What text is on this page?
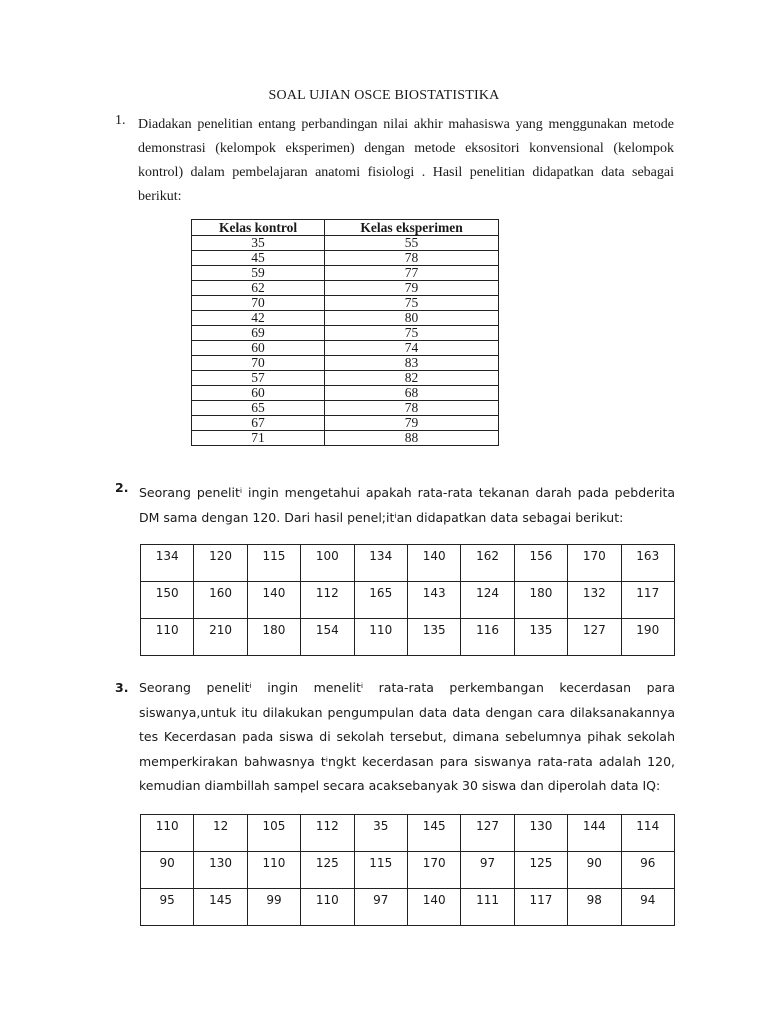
SOAL UJIAN OSCE BIOSTATISTIKA
1. Diadakan penelitian entang perbandingan nilai akhir mahasiswa yang menggunakan metode demonstrasi (kelompok eksperimen) dengan metode eksositori konvensional (kelompok kontrol) dalam pembelajaran anatomi fisiologi . Hasil penelitian didapatkan data sebagai berikut:
Kelas kontrol	Kelas eksperimen
35	55
45	78
59	77
62	79
70	75
42	80
69	75
60	74
70	83
57	82
60	68
65	78
67	79
71	88
2. Seorang penelitⁱ ingin mengetahui apakah rata-rata tekanan darah pada pebderita DM sama dengan 120. Dari hasil penel;itⁱan didapatkan data sebagai berikut:
134	120	115	100	134	140	162	156	170	163
150	160	140	112	165	143	124	180	132	117
110	210	180	154	110	135	116	135	127	190
3. Seorang penelitⁱ ingin menelitⁱ rata-rata perkembangan kecerdasan para siswanya,untuk itu dilakukan pengumpulan data data dengan cara dilaksanakannya tes Kecerdasan pada siswa di sekolah tersebut, dimana sebelumnya pihak sekolah memperkirakan bahwasnya tⁱngkt kecerdasan para siswanya rata-rata adalah 120, kemudian diambillah sampel secara acaksebanyak 30 siswa dan diperolah data IQ:
110	12	105	112	35	145	127	130	144	114
90	130	110	125	115	170	97	125	90	96
95	145	99	110	97	140	111	117	98	94
